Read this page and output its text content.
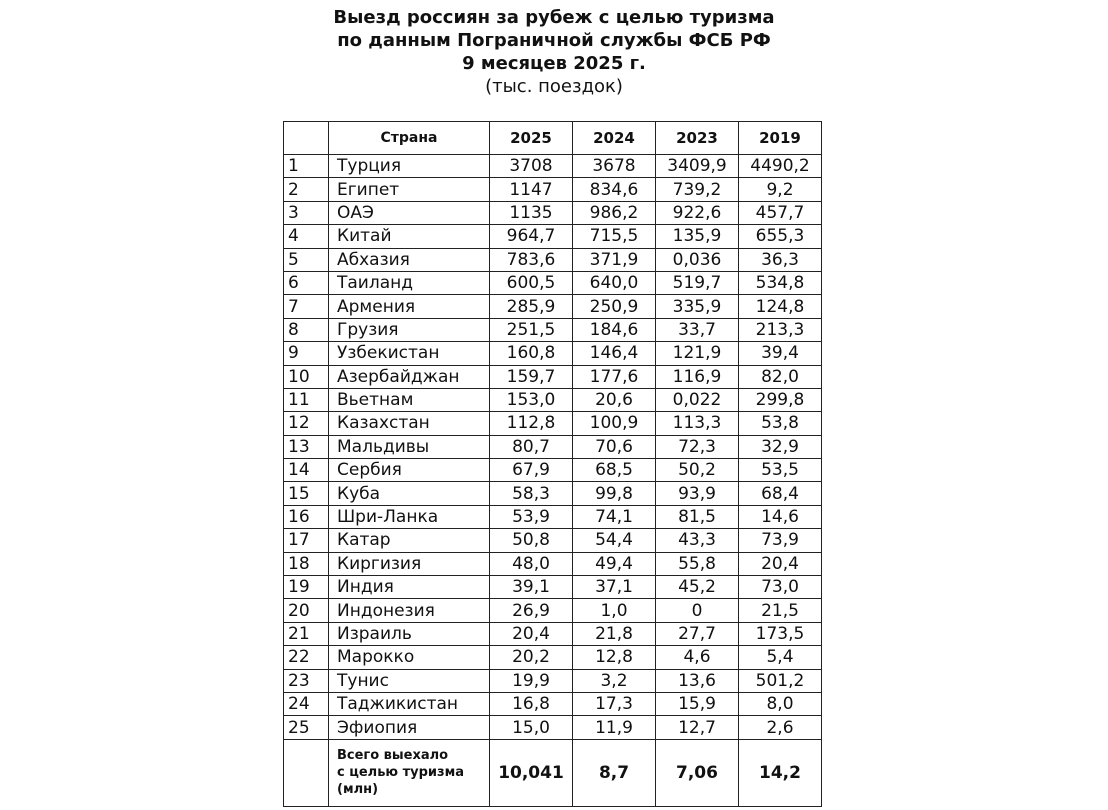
Выезд россиян за рубеж с целью туризма
по данным Пограничной службы ФСБ РФ
9 месяцев 2025 г.
(тыс. поездок)
	Страна	2025	2024	2023	2019
1	Турция	3708	3678	3409,9	4490,2
2	Египет	1147	834,6	739,2	9,2
3	ОАЭ	1135	986,2	922,6	457,7
4	Китай	964,7	715,5	135,9	655,3
5	Абхазия	783,6	371,9	0,036	36,3
6	Таиланд	600,5	640,0	519,7	534,8
7	Армения	285,9	250,9	335,9	124,8
8	Грузия	251,5	184,6	33,7	213,3
9	Узбекистан	160,8	146,4	121,9	39,4
10	Азербайджан	159,7	177,6	116,9	82,0
11	Вьетнам	153,0	20,6	0,022	299,8
12	Казахстан	112,8	100,9	113,3	53,8
13	Мальдивы	80,7	70,6	72,3	32,9
14	Сербия	67,9	68,5	50,2	53,5
15	Куба	58,3	99,8	93,9	68,4
16	Шри-Ланка	53,9	74,1	81,5	14,6
17	Катар	50,8	54,4	43,3	73,9
18	Киргизия	48,0	49,4	55,8	20,4
19	Индия	39,1	37,1	45,2	73,0
20	Индонезия	26,9	1,0	0	21,5
21	Израиль	20,4	21,8	27,7	173,5
22	Марокко	20,2	12,8	4,6	5,4
23	Тунис	19,9	3,2	13,6	501,2
24	Таджикистан	16,8	17,3	15,9	8,0
25	Эфиопия	15,0	11,9	12,7	2,6

	Всего выехало
с целью туризма
(млн)	10,041	8,7	7,06	14,2
